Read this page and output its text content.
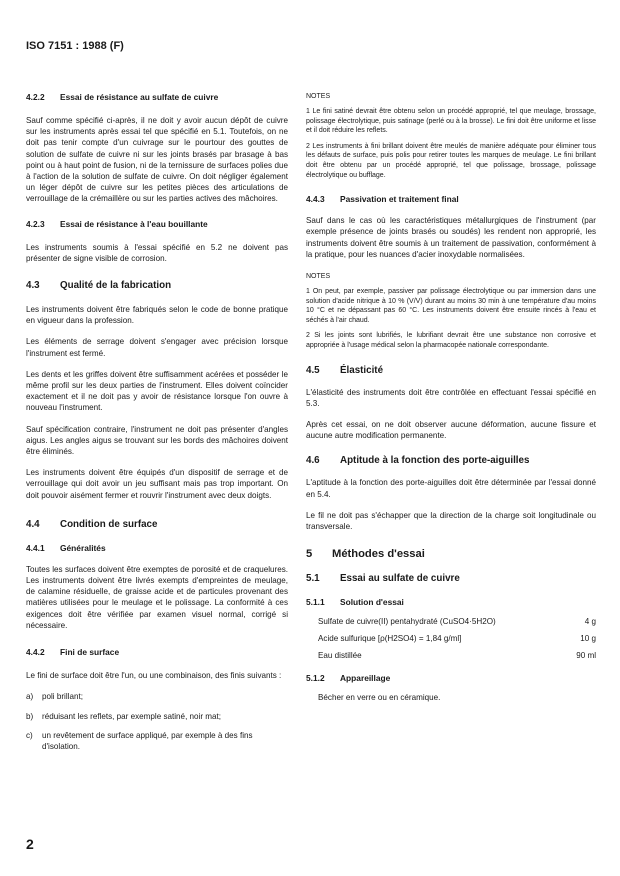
ISO 7151 : 1988 (F)
4.2.2 Essai de résistance au sulfate de cuivre

Sauf comme spécifié ci-après, il ne doit y avoir aucun dépôt de cuivre sur les instruments après essai tel que spécifié en 5.1. Toutefois, on ne doit pas tenir compte d'un cuivrage sur le pourtour des gouttes de solution de sulfate de cuivre ni sur les joints brasés par brasage à bas point ou à haut point de fusion, ni de la ternissure de surfaces polies due à l'action de la solution de sulfate de cuivre. On doit négliger également un léger dépôt de cuivre sur les petites pièces des articulations de verrouillage de la crémaillère ou sur les parties actives des mâchoires.

4.2.3 Essai de résistance à l'eau bouillante

Les instruments soumis à l'essai spécifié en 5.2 ne doivent pas présenter de signe visible de corrosion.

4.3 Qualité de la fabrication

Les instruments doivent être fabriqués selon le code de bonne pratique en vigueur dans la profession.

Les éléments de serrage doivent s'engager avec précision lorsque l'instrument est fermé.

Les dents et les griffes doivent être suffisamment acérées et posséder le même profil sur les deux parties de l'instrument. Elles doivent coïncider exactement et il ne doit pas y avoir de résistance lorsque l'on ouvre à nouveau l'instrument.

Sauf spécification contraire, l'instrument ne doit pas présenter d'angles aigus. Les angles aigus se trouvant sur les bords des mâchoires doivent être éliminés.

Les instruments doivent être équipés d'un dispositif de serrage et de verrouillage qui doit avoir un jeu suffisant mais pas trop important. On doit pouvoir aisément fermer et rouvrir l'instrument avec deux doigts.

4.4 Condition de surface
4.4.1 Généralités

Toutes les surfaces doivent être exemptes de porosité et de craquelures. Les instruments doivent être livrés exempts d'empreintes de meulage, de calamine résiduelle, de graisse acide et de particules provenant des matières utilisées pour le meulage et le polissage. La conformité à ces exigences doit être vérifiée par examen visuel normal, corrigé si nécessaire.

4.4.2 Fini de surface

Le fini de surface doit être l'un, ou une combinaison, des finis suivants :

a)	poli brillant;
b)	réduisant les reflets, par exemple satiné, noir mat;
c)	un revêtement de surface appliqué, par exemple à des fins d'isolation.
NOTES

1 Le fini satiné devrait être obtenu selon un procédé approprié, tel que meulage, brossage, polissage électrolytique, puis satinage (perlé ou à la brosse). Le fini doit être uniforme et lisse et il doit réduire les reflets.

2 Les instruments à fini brillant doivent être meulés de manière adéquate pour éliminer tous les défauts de surface, puis polis pour retirer toutes les marques de meulage. Le fini brillant doit être obtenu par un procédé approprié, tel que polissage, brossage, polissage électrolytique ou bufflage.

4.4.3 Passivation et traitement final

Sauf dans le cas où les caractéristiques métallurgiques de l'instrument (par exemple présence de joints brasés ou soudés) les rendent non approprié, les instruments doivent être soumis à un traitement de passivation, conformément à la pratique, pour les nuances d'acier inoxydable normalisées.

NOTES

1 On peut, par exemple, passiver par polissage électrolytique ou par immersion dans une solution d'acide nitrique à 10 % (V/V) durant au moins 30 min à une température d'au moins 10 °C et ne dépassant pas 60 °C. Les instruments doivent être ensuite rincés à l'eau et séchés à l'air chaud.

2 Si les joints sont lubrifiés, le lubrifiant devrait être une substance non corrosive et appropriée à l'usage médical selon la pharmacopée nationale correspondante.

4.5 Élasticité

L'élasticité des instruments doit être contrôlée en effectuant l'essai spécifié en 5.3.

Après cet essai, on ne doit observer aucune déformation, aucune fissure et aucune autre modification permanente.

4.6 Aptitude à la fonction des porte-aiguilles

L'aptitude à la fonction des porte-aiguilles doit être déterminée par l'essai donné en 5.4.

Le fil ne doit pas s'échapper que la direction de la charge soit longitudinale ou transversale.

5 Méthodes d'essai
5.1 Essai au sulfate de cuivre
5.1.1 Solution d'essai
Sulfate de cuivre(II) pentahydraté (CuSO4·5H2O)	4 g
Acide sulfurique [ρ(H2SO4) = 1,84 g/ml]	10 g
Eau distillée	90 ml
5.1.2 Appareillage

Bécher en verre ou en céramique.

2
